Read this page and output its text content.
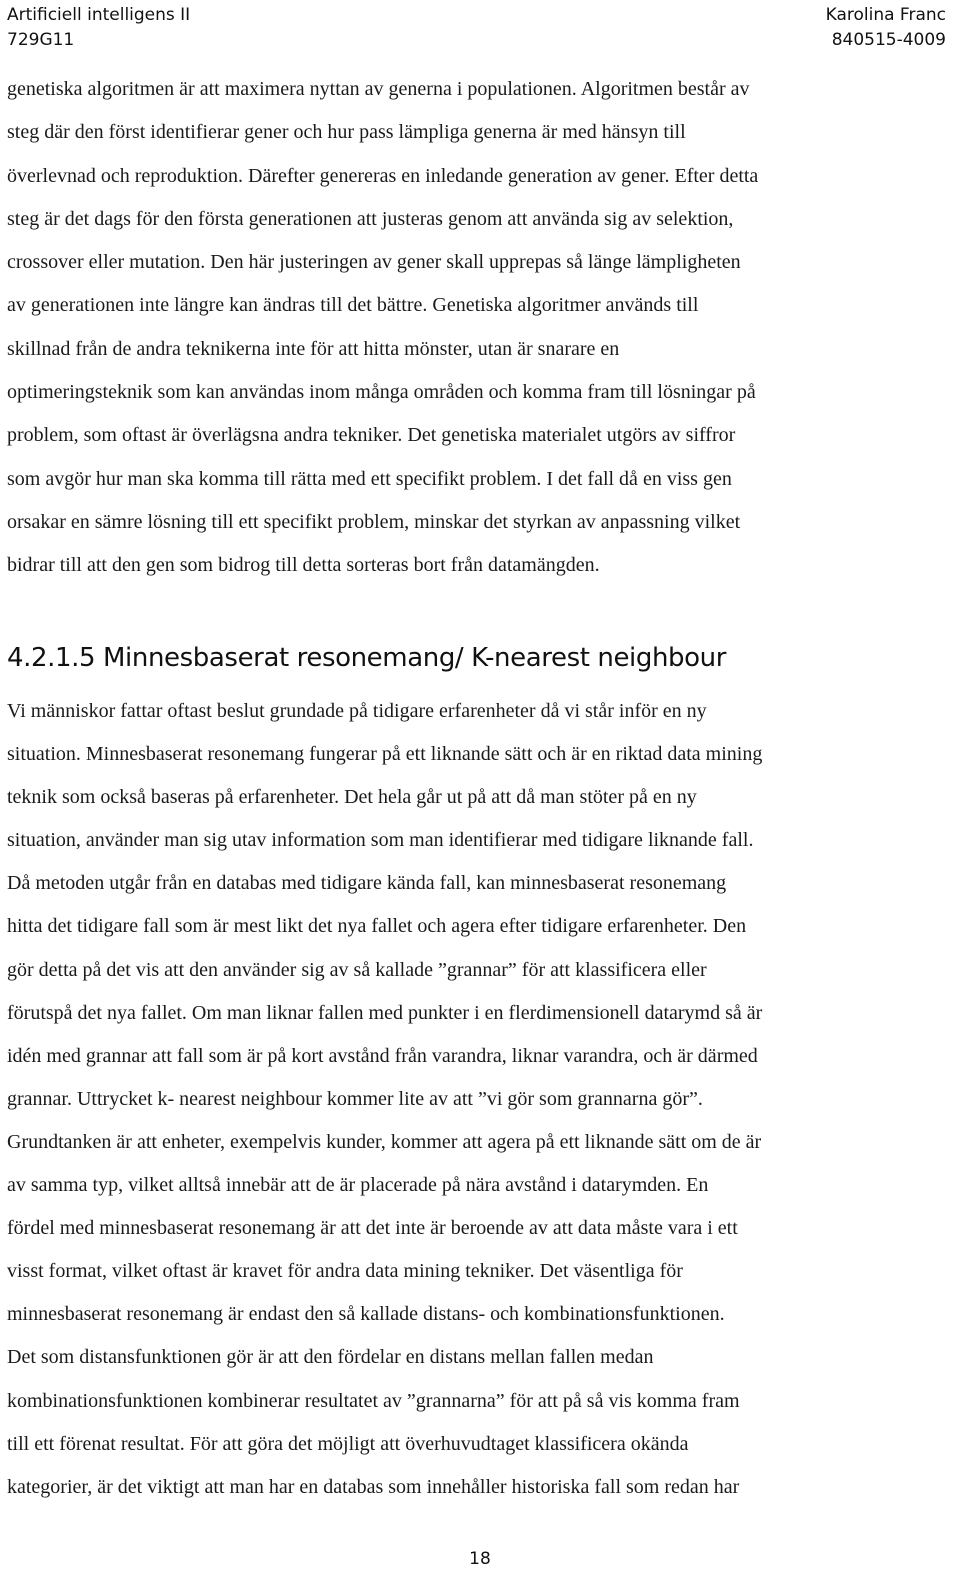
Artificiell intelligens II	Karolina Franc
729G11	840515-4009
genetiska algoritmen är att maximera nyttan av generna i populationen. Algoritmen består av
steg där den först identifierar gener och hur pass lämpliga generna är med hänsyn till
överlevnad och reproduktion. Därefter genereras en inledande generation av gener. Efter detta
steg är det dags för den första generationen att justeras genom att använda sig av selektion,
crossover eller mutation. Den här justeringen av gener skall upprepas så länge lämpligheten
av generationen inte längre kan ändras till det bättre. Genetiska algoritmer används till
skillnad från de andra teknikerna inte för att hitta mönster, utan är snarare en
optimeringsteknik som kan användas inom många områden och komma fram till lösningar på
problem, som oftast är överlägsna andra tekniker. Det genetiska materialet utgörs av siffror
som avgör hur man ska komma till rätta med ett specifikt problem. I det fall då en viss gen
orsakar en sämre lösning till ett specifikt problem, minskar det styrkan av anpassning vilket
bidrar till att den gen som bidrog till detta sorteras bort från datamängden.
4.2.1.5 Minnesbaserat resonemang/ K-nearest neighbour
Vi människor fattar oftast beslut grundade på tidigare erfarenheter då vi står inför en ny
situation. Minnesbaserat resonemang fungerar på ett liknande sätt och är en riktad data mining
teknik som också baseras på erfarenheter. Det hela går ut på att då man stöter på en ny
situation, använder man sig utav information som man identifierar med tidigare liknande fall.
Då metoden utgår från en databas med tidigare kända fall, kan minnesbaserat resonemang
hitta det tidigare fall som är mest likt det nya fallet och agera efter tidigare erfarenheter. Den
gör detta på det vis att den använder sig av så kallade ”grannar” för att klassificera eller
förutspå det nya fallet. Om man liknar fallen med punkter i en flerdimensionell datarymd så är
idén med grannar att fall som är på kort avstånd från varandra, liknar varandra, och är därmed
grannar. Uttrycket k- nearest neighbour kommer lite av att ”vi gör som grannarna gör”.
Grundtanken är att enheter, exempelvis kunder, kommer att agera på ett liknande sätt om de är
av samma typ, vilket alltså innebär att de är placerade på nära avstånd i datarymden. En
fördel med minnesbaserat resonemang är att det inte är beroende av att data måste vara i ett
visst format, vilket oftast är kravet för andra data mining tekniker. Det väsentliga för
minnesbaserat resonemang är endast den så kallade distans- och kombinationsfunktionen.
Det som distansfunktionen gör är att den fördelar en distans mellan fallen medan
kombinationsfunktionen kombinerar resultatet av ”grannarna” för att på så vis komma fram
till ett förenat resultat. För att göra det möjligt att överhuvudtaget klassificera okända
kategorier, är det viktigt att man har en databas som innehåller historiska fall som redan har
18
